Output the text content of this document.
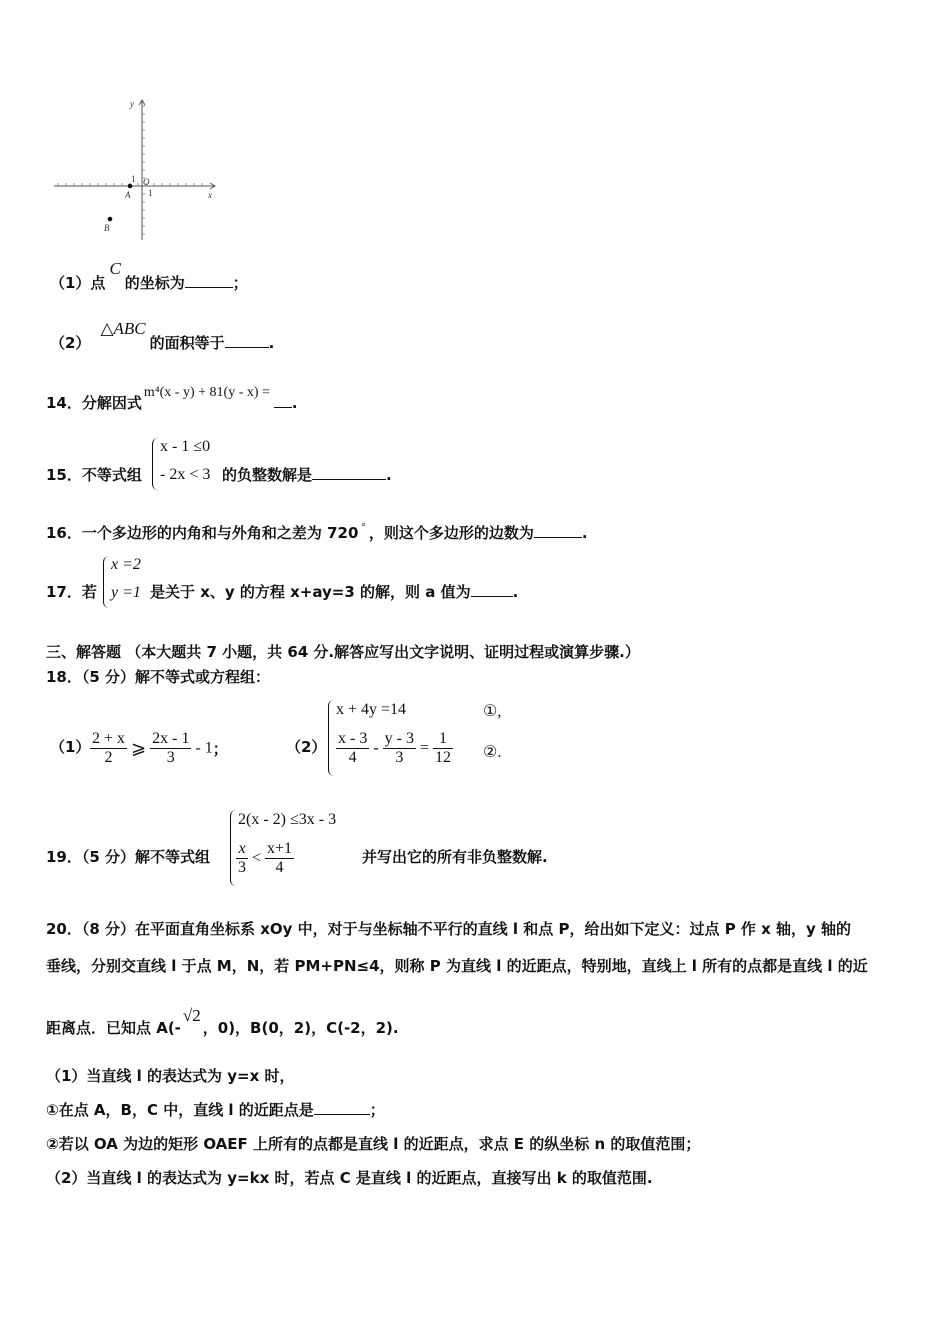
y
x
1 O
1
A
B
（1）点C的坐标为	；
（2）△ABC的面积等于	.
14．分解因式m⁴(x - y) + 81(y - x) =.
15．不等式组
x - 1 ≤0
- 2x < 3 的负整数解是	.
16．一个多边形的内角和与外角和之差为 720 ° ，则这个多边形的边数为	.
17．若
x =2
y =1 是关于 x、y 的方程 x+ay=3 的解，则 a 值为	.
三、解答题 （本大题共 7 小题，共 64 分.解答应写出文字说明、证明过程或演算步骤.）
18．（5 分）解不等式或方程组：
$(1) \frac{2 + x}{2}$ ⩾ $\frac{2x - 1}{3} - 1$；	（2）
x + 4y =14	①,
$\frac{x - 3}{4} - \frac{y - 3}{3} = \frac{1}{12}$ ②.
19．（5 分）解不等式组
2(x - 2) ≤3x - 3
$\frac{x}{3} < \frac{x+1}{4}$	并写出它的所有非负整数解.
20．（8 分）在平面直角坐标系 xOy 中，对于与坐标轴不平行的直线 l 和点 P，给出如下定义：过点 P 作 x 轴，y 轴的
垂线，分别交直线 l 于点 M，N，若 PM+PN≤4，则称 P 为直线 l 的近距点，特别地，直线上 l 所有的点都是直线 l 的近
距离点．已知点 A(-√2，0)，B(0，2)，C(-2，2).
（1）当直线 l 的表达式为 y=x 时，
①在点 A，B，C 中，直线 l 的近距点是	；
②若以 OA 为边的矩形 OAEF 上所有的点都是直线 l 的近距点，求点 E 的纵坐标 n 的取值范围；
（2）当直线 l 的表达式为 y=kx 时，若点 C 是直线 l 的近距点，直接写出 k 的取值范围.
